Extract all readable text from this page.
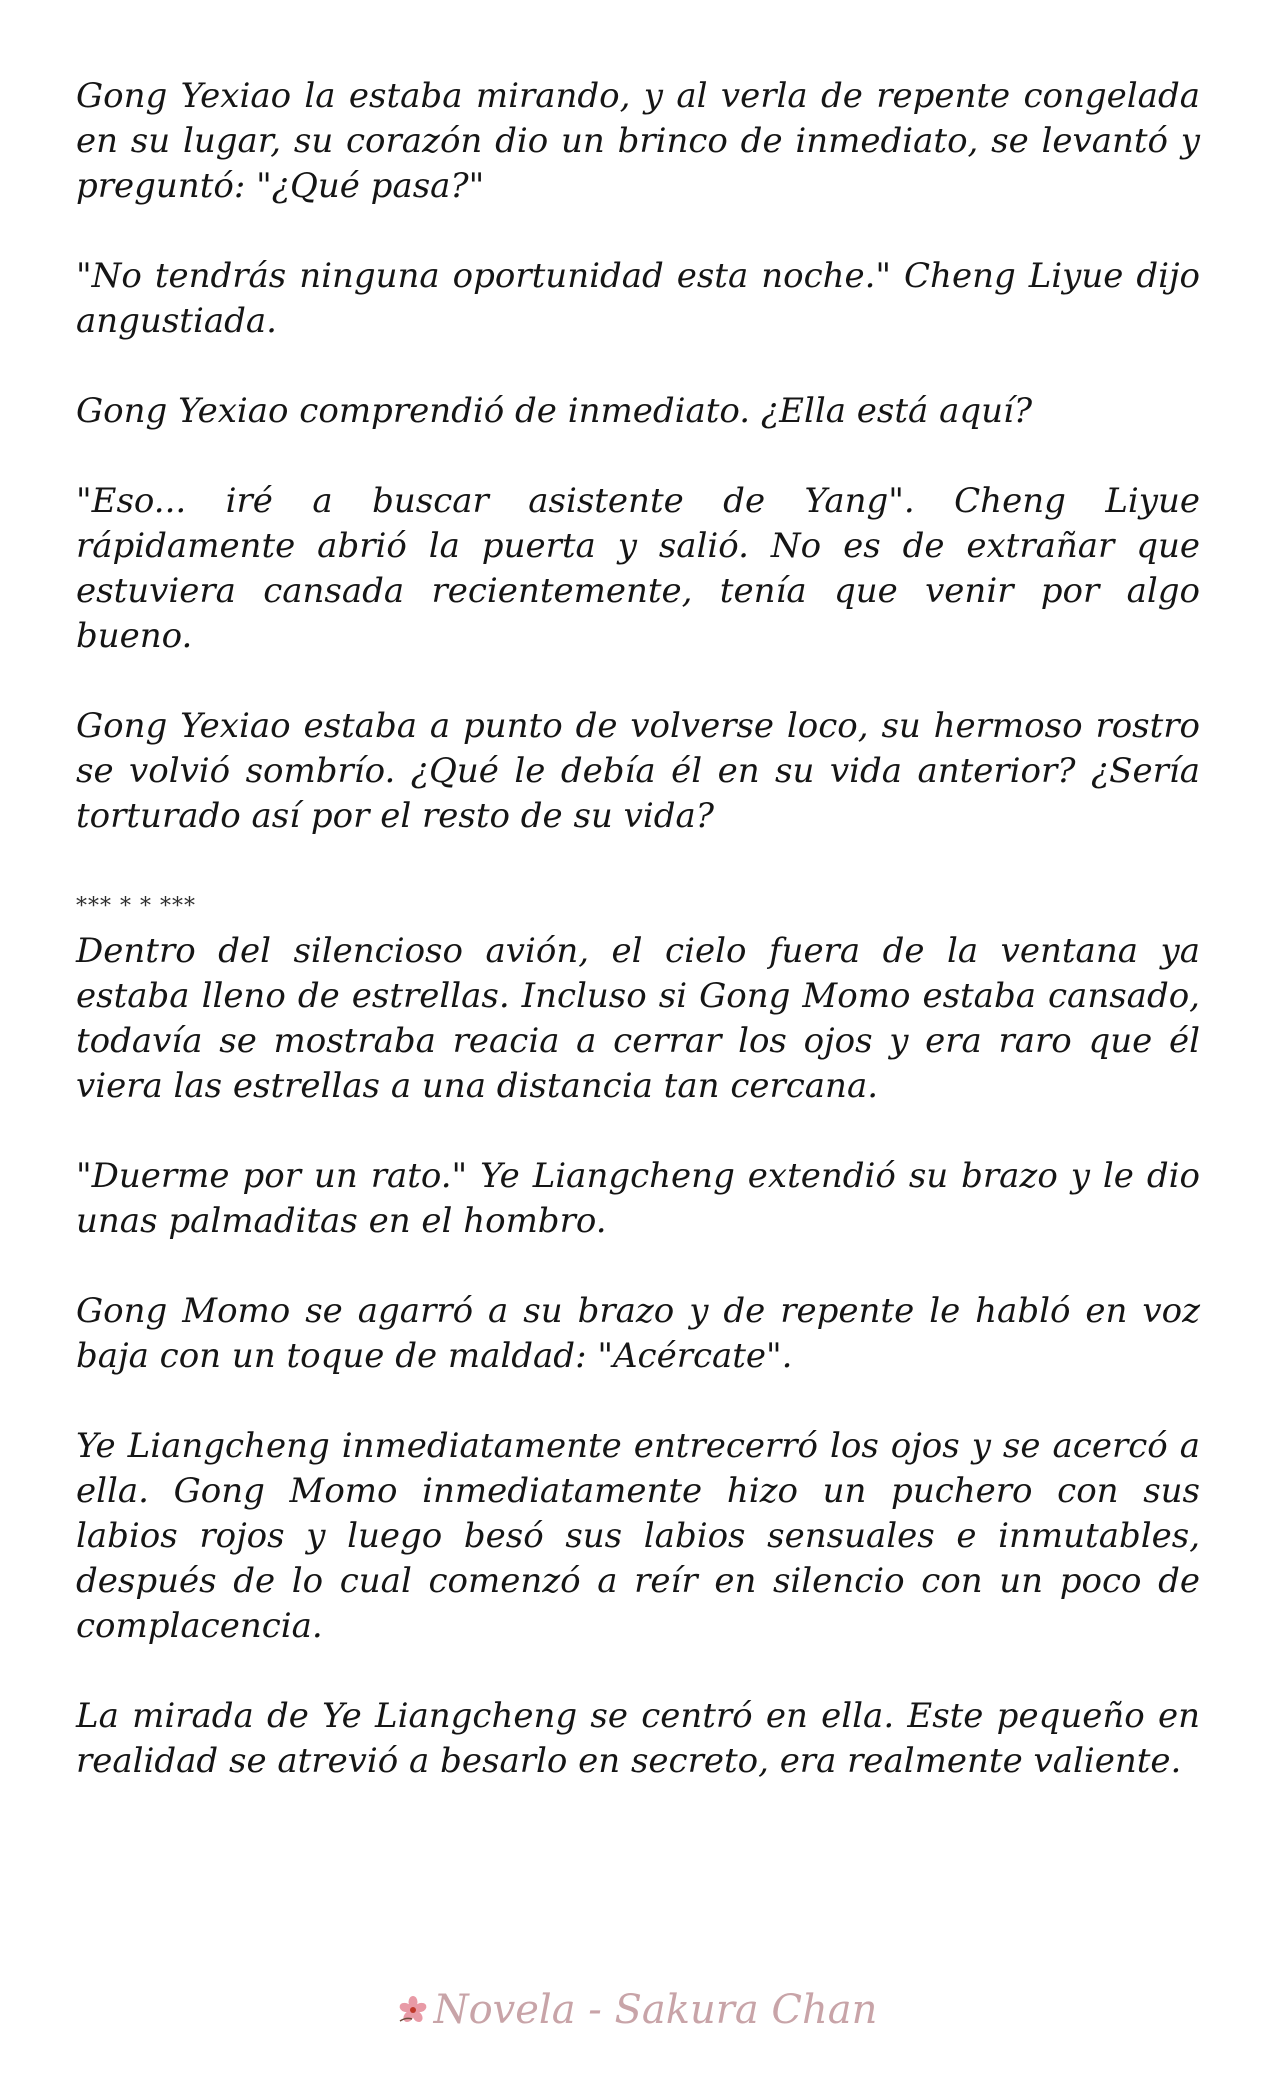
Gong Yexiao la estaba mirando, y al verla de repente congelada en su lugar, su corazón dio un brinco de inmediato, se levantó y preguntó: "¿Qué pasa?"

"No tendrás ninguna oportunidad esta noche." Cheng Liyue dijo angustiada.

Gong Yexiao comprendió de inmediato. ¿Ella está aquí?

"Eso... iré a buscar asistente de Yang". Cheng Liyue rápidamente abrió la puerta y salió. No es de extrañar que estuviera cansada recientemente, tenía que venir por algo bueno.

Gong Yexiao estaba a punto de volverse loco, su hermoso rostro se volvió sombrío. ¿Qué le debía él en su vida anterior? ¿Sería torturado así por el resto de su vida?

*** * * ***

Dentro del silencioso avión, el cielo fuera de la ventana ya estaba lleno de estrellas. Incluso si Gong Momo estaba cansado, todavía se mostraba reacia a cerrar los ojos y era raro que él viera las estrellas a una distancia tan cercana.

"Duerme por un rato." Ye Liangcheng extendió su brazo y le dio unas palmaditas en el hombro.

Gong Momo se agarró a su brazo y de repente le habló en voz baja con un toque de maldad: "Acércate".

Ye Liangcheng inmediatamente entrecerró los ojos y se acercó a ella. Gong Momo inmediatamente hizo un puchero con sus labios rojos y luego besó sus labios sensuales e inmutables, después de lo cual comenzó a reír en silencio con un poco de complacencia.

La mirada de Ye Liangcheng se centró en ella. Este pequeño en realidad se atrevió a besarlo en secreto, era realmente valiente.

Novela - Sakura Chan
